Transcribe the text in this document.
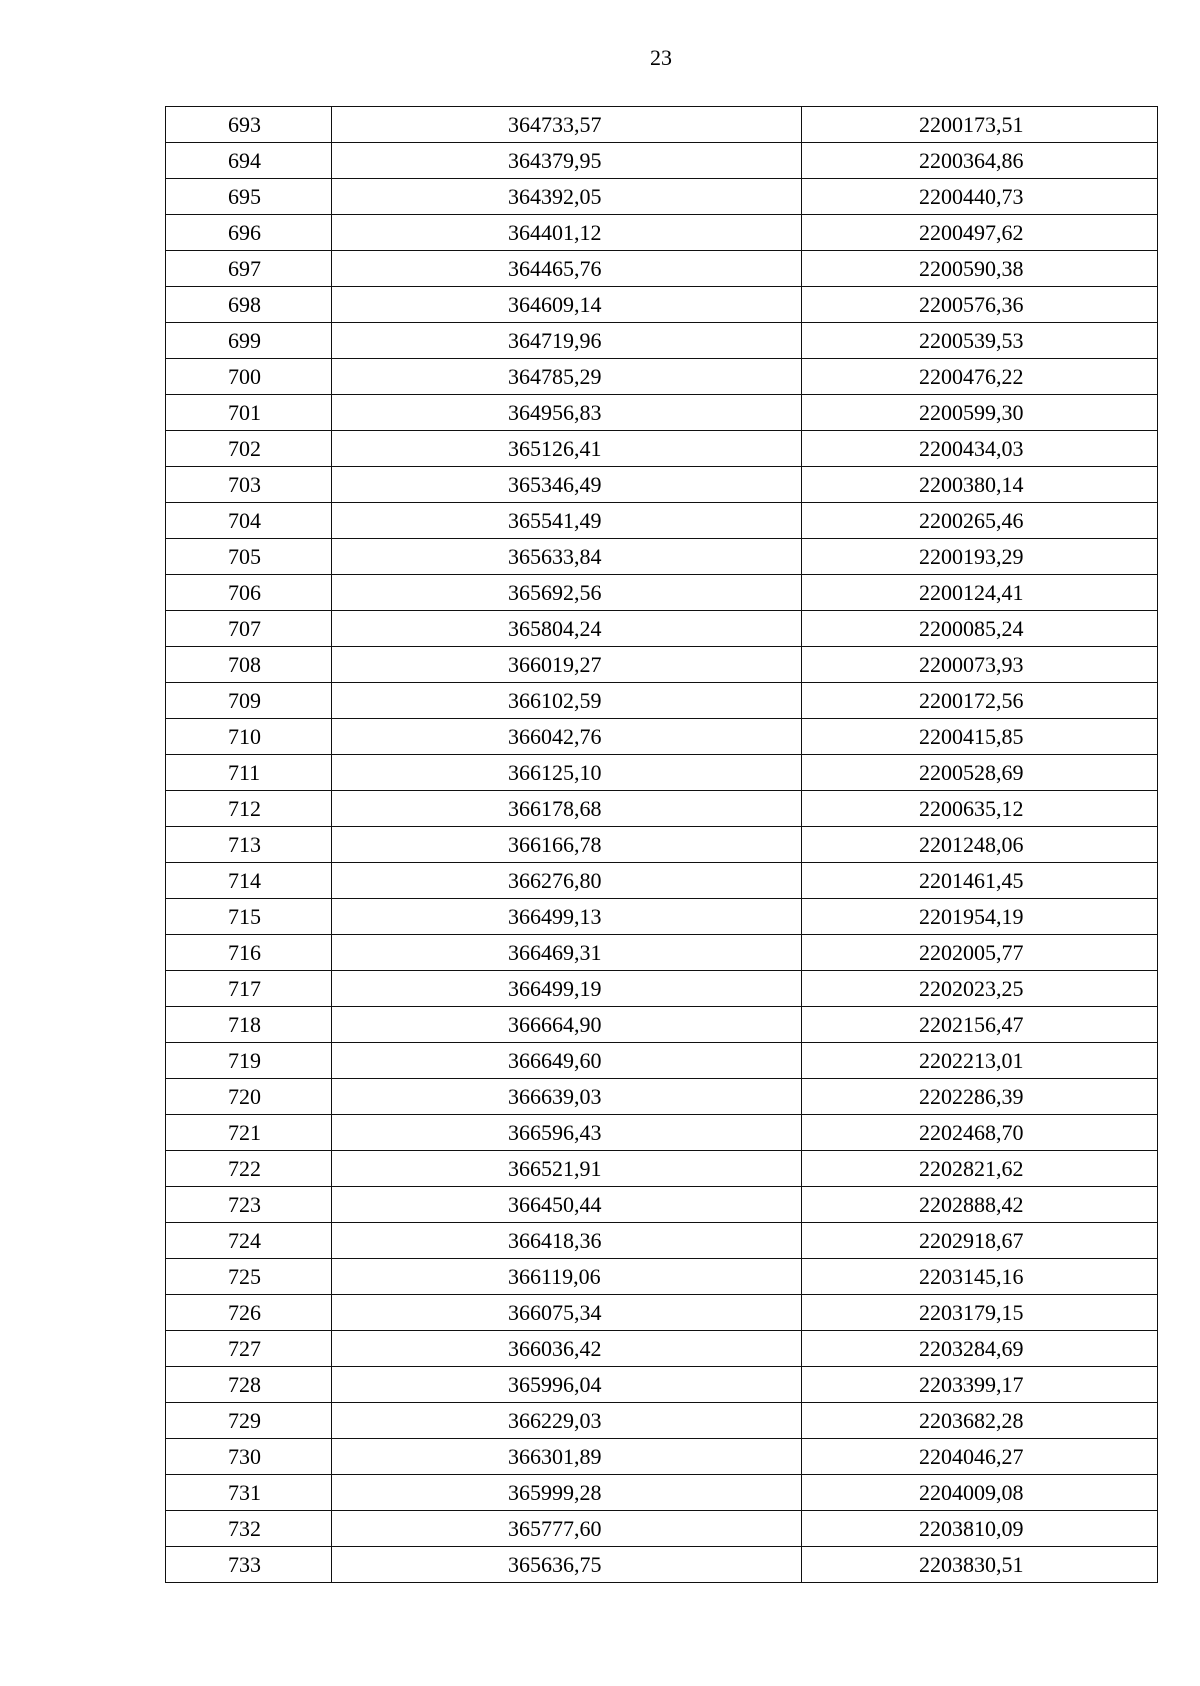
23
693	364733,57	2200173,51
694	364379,95	2200364,86
695	364392,05	2200440,73
696	364401,12	2200497,62
697	364465,76	2200590,38
698	364609,14	2200576,36
699	364719,96	2200539,53
700	364785,29	2200476,22
701	364956,83	2200599,30
702	365126,41	2200434,03
703	365346,49	2200380,14
704	365541,49	2200265,46
705	365633,84	2200193,29
706	365692,56	2200124,41
707	365804,24	2200085,24
708	366019,27	2200073,93
709	366102,59	2200172,56
710	366042,76	2200415,85
711	366125,10	2200528,69
712	366178,68	2200635,12
713	366166,78	2201248,06
714	366276,80	2201461,45
715	366499,13	2201954,19
716	366469,31	2202005,77
717	366499,19	2202023,25
718	366664,90	2202156,47
719	366649,60	2202213,01
720	366639,03	2202286,39
721	366596,43	2202468,70
722	366521,91	2202821,62
723	366450,44	2202888,42
724	366418,36	2202918,67
725	366119,06	2203145,16
726	366075,34	2203179,15
727	366036,42	2203284,69
728	365996,04	2203399,17
729	366229,03	2203682,28
730	366301,89	2204046,27
731	365999,28	2204009,08
732	365777,60	2203810,09
733	365636,75	2203830,51
